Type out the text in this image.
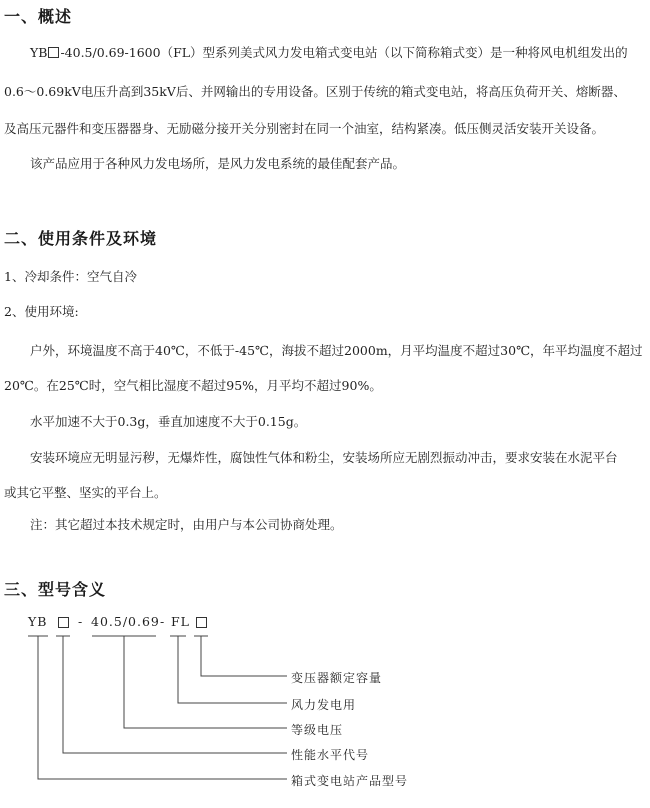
一、概述
YB -40.5/0.69-1600（FL）型系列美式风力发电箱式变电站（以下简称箱式变）是一种将风电机组发出的
0.6～0.69kV电压升高到35kV后、并网输出的专用设备。区别于传统的箱式变电站，将高压负荷开关、熔断器、
及高压元器件和变压器器身、无励磁分接开关分别密封在同一个油室，结构紧凑。低压侧灵活安装开关设备。
该产品应用于各种风力发电场所，是风力发电系统的最佳配套产品。
二、使用条件及环境
1、冷却条件：空气自冷
2、使用环境:
户外，环境温度不高于40℃，不低于-45℃，海拔不超过2000m，月平均温度不超过30℃，年平均温度不超过
20℃。在25℃时，空气相比湿度不超过95%，月平均不超过90%。
水平加速不大于0.3g，垂直加速度不大于0.15g。
安装环境应无明显污秽，无爆炸性，腐蚀性气体和粉尘，安装场所应无剧烈振动冲击，要求安装在水泥平台
或其它平整、坚实的平台上。
注：其它超过本技术规定时，由用户与本公司协商处理。
三、型号含义
YB - 40.5/0.69 - FL
变压器额定容量
风力发电用
等级电压
性能水平代号
箱式变电站产品型号
